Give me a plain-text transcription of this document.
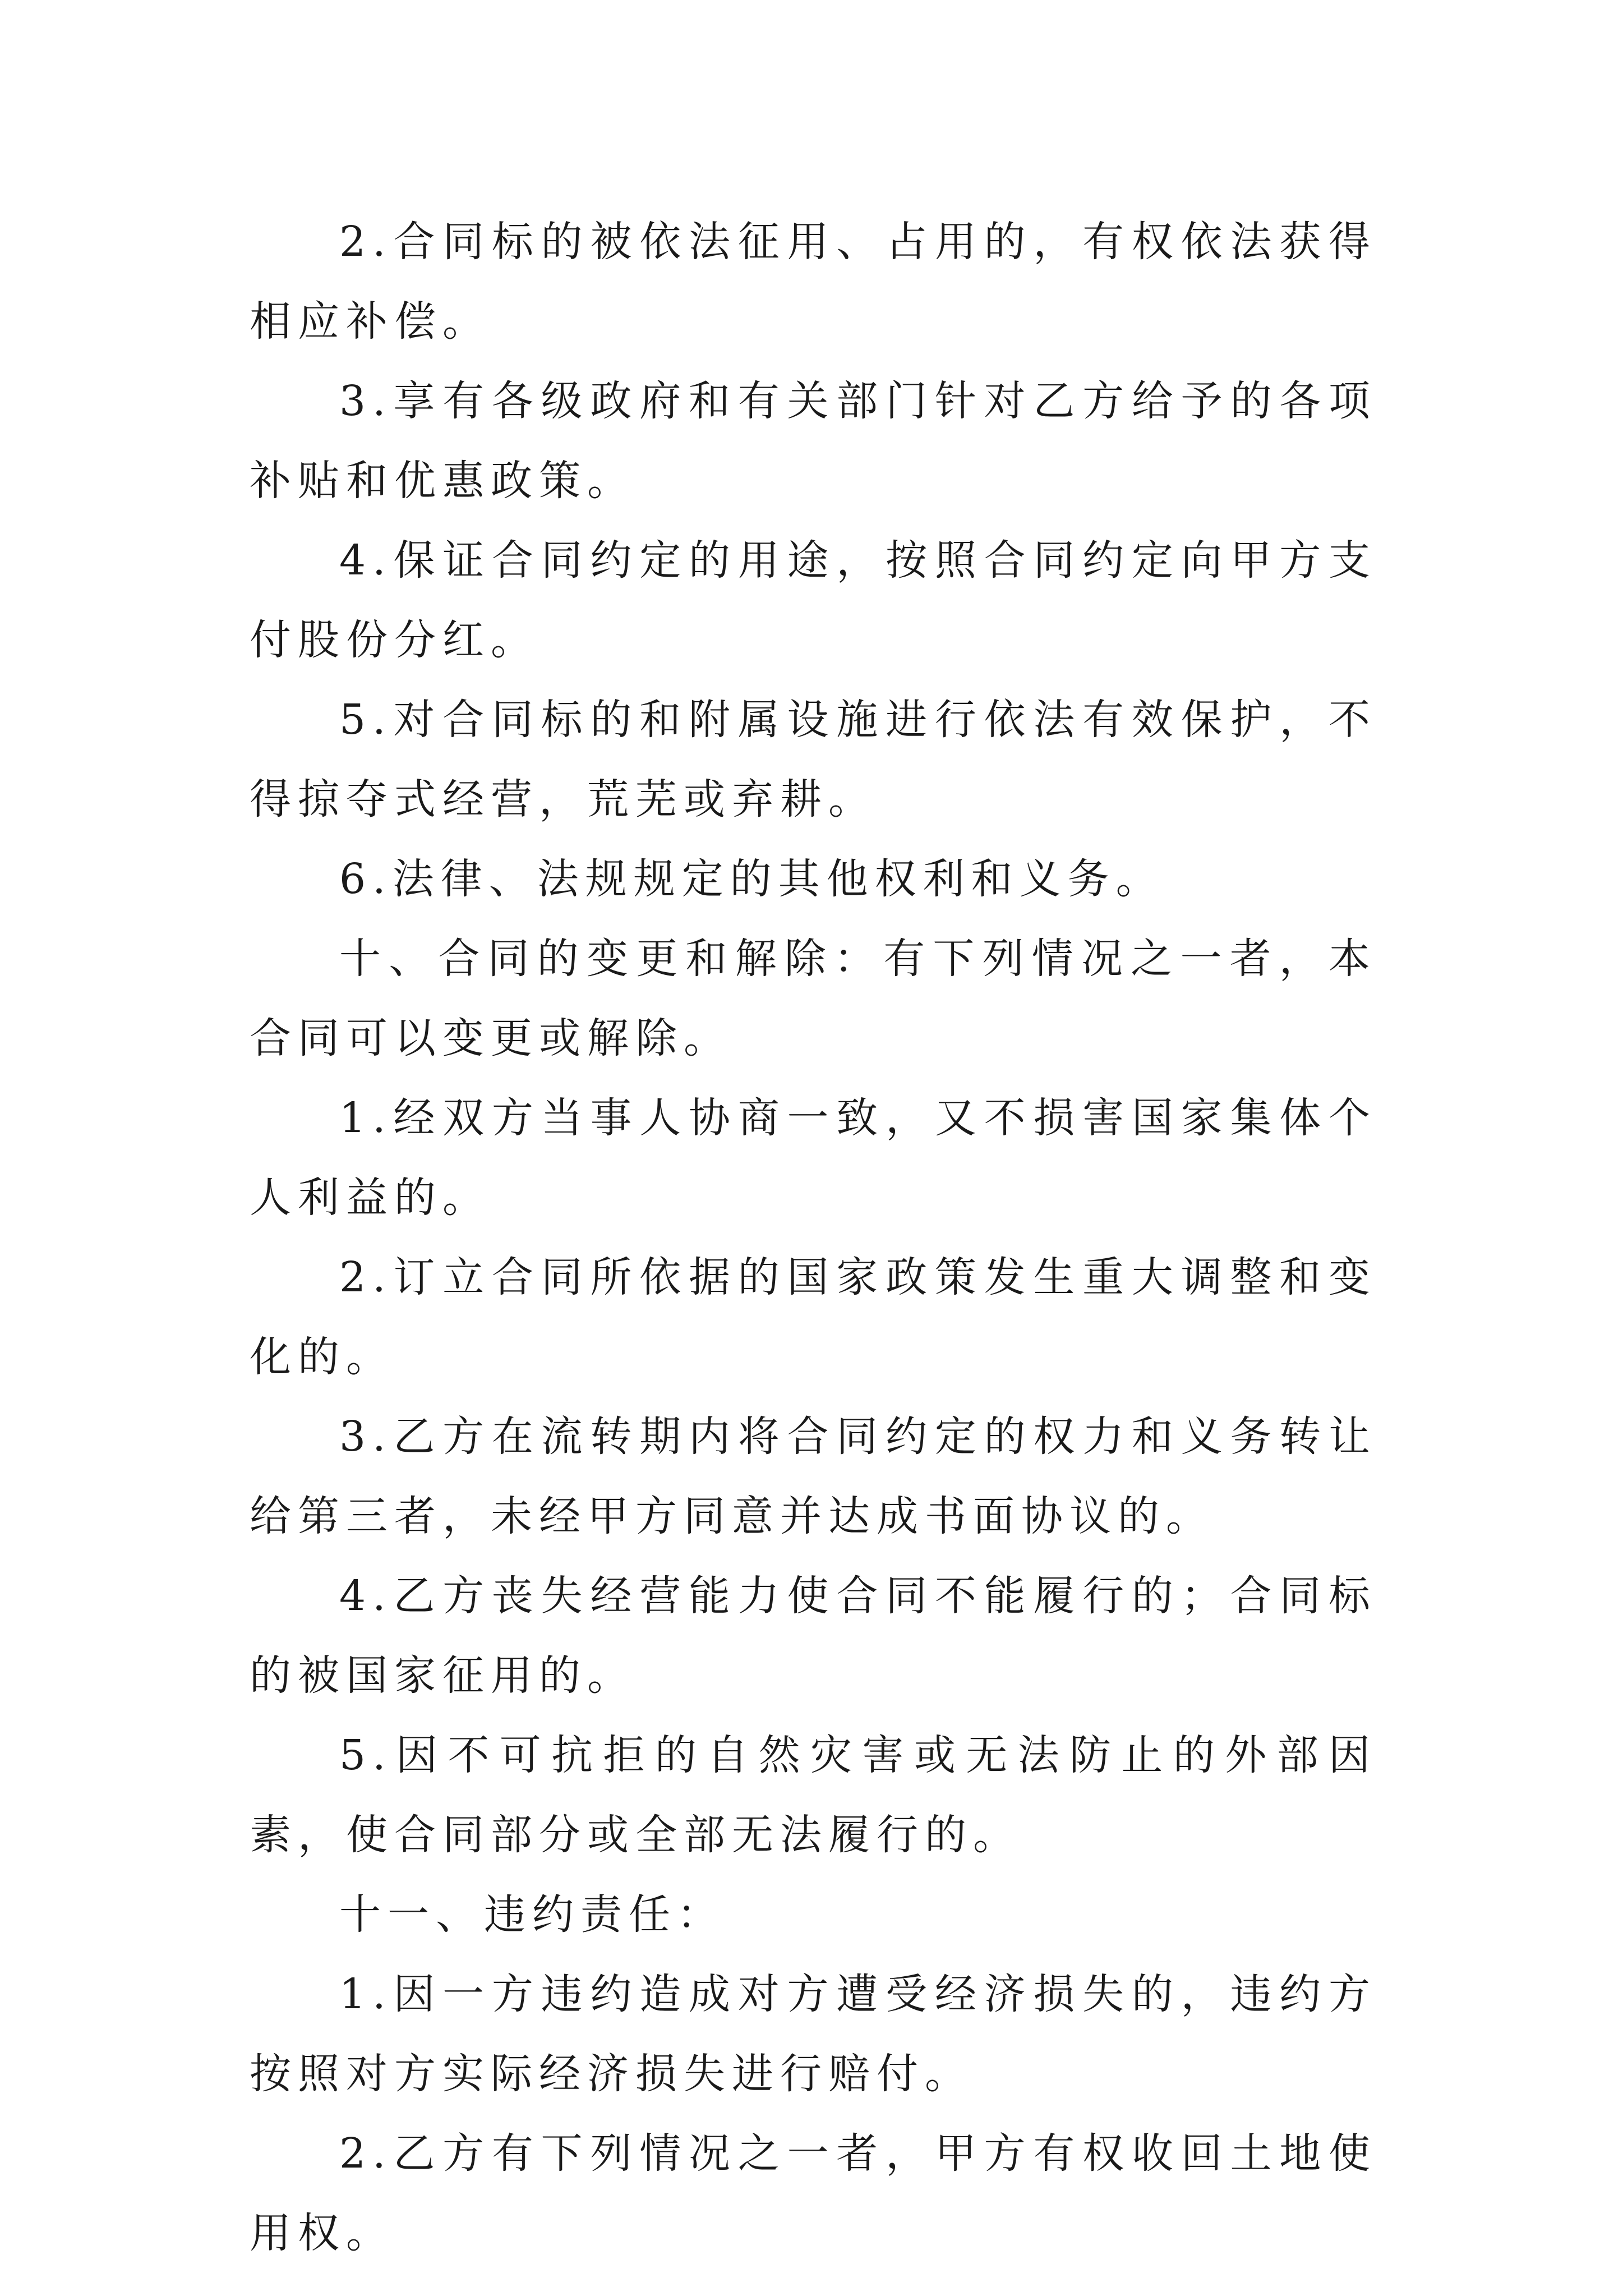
2.合同标的被依法征用、占用的，有权依法获得相应补偿。

3.享有各级政府和有关部门针对乙方给予的各项补贴和优惠政策。

4.保证合同约定的用途，按照合同约定向甲方支付股份分红。

5.对合同标的和附属设施进行依法有效保护，不得掠夺式经营，荒芜或弃耕。

6.法律、法规规定的其他权利和义务。

十、合同的变更和解除：有下列情况之一者，本合同可以变更或解除。

1.经双方当事人协商一致，又不损害国家集体个人利益的。

2.订立合同所依据的国家政策发生重大调整和变化的。

3.乙方在流转期内将合同约定的权力和义务转让给第三者，未经甲方同意并达成书面协议的。

4.乙方丧失经营能力使合同不能履行的；合同标的被国家征用的。

5.因不可抗拒的自然灾害或无法防止的外部因素，使合同部分或全部无法履行的。

十一、违约责任：

1.因一方违约造成对方遭受经济损失的，违约方按照对方实际经济损失进行赔付。

2.乙方有下列情况之一者，甲方有权收回土地使用权。
